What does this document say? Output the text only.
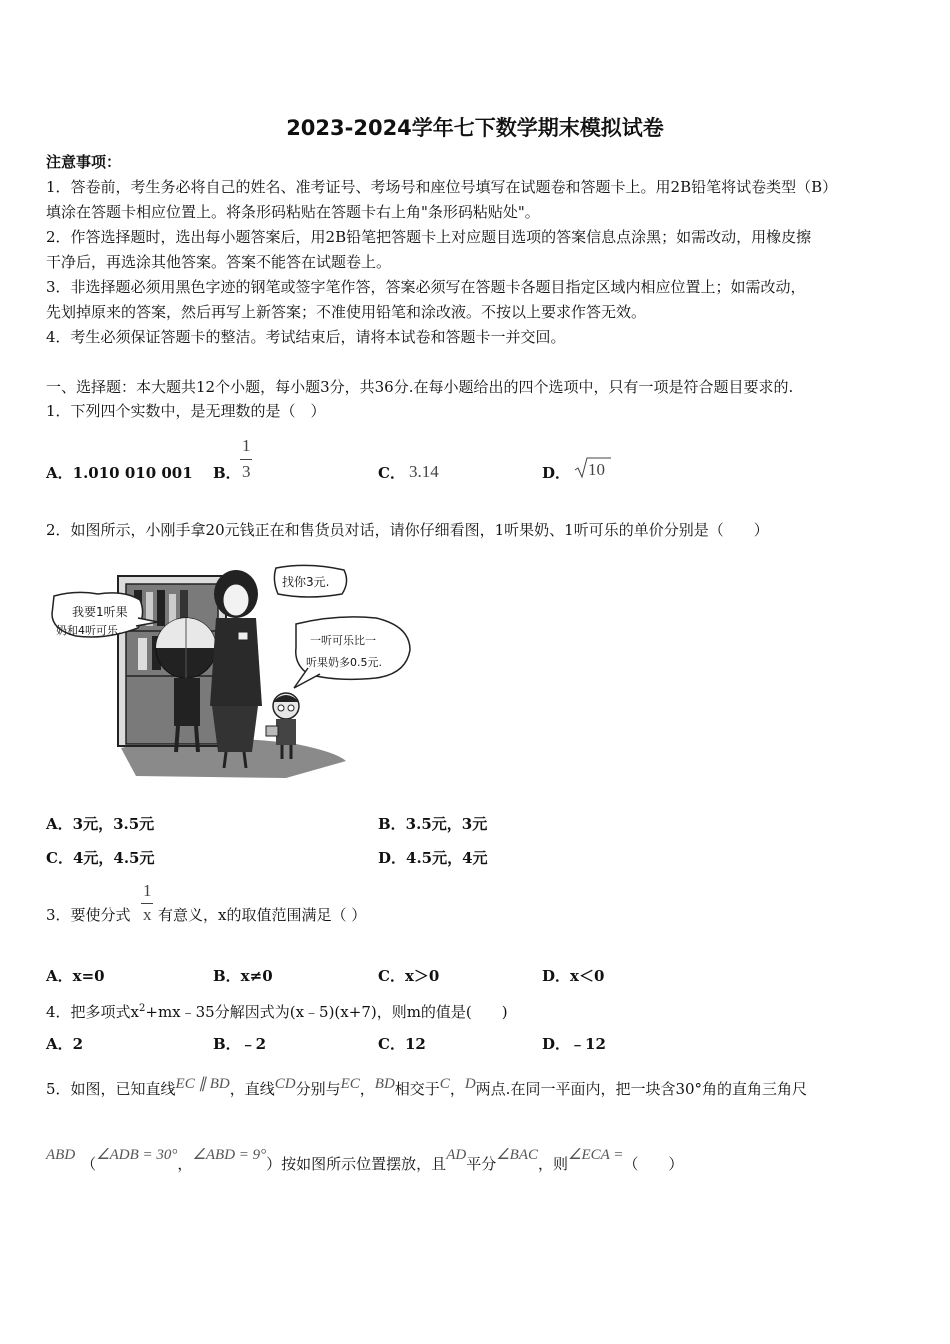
2023-2024学年七下数学期末模拟试卷
注意事项：
1．答卷前，考生务必将自己的姓名、准考证号、考场号和座位号填写在试题卷和答题卡上。用2B铅笔将试卷类型（B）
填涂在答题卡相应位置上。将条形码粘贴在答题卡右上角"条形码粘贴处"。
2．作答选择题时，选出每小题答案后，用2B铅笔把答题卡上对应题目选项的答案信息点涂黑；如需改动，用橡皮擦
干净后，再选涂其他答案。答案不能答在试题卷上。
3．非选择题必须用黑色字迹的钢笔或签字笔作答，答案必须写在答题卡各题目指定区域内相应位置上；如需改动，
先划掉原来的答案，然后再写上新答案；不准使用铅笔和涂改液。不按以上要求作答无效。
4．考生必须保证答题卡的整洁。考试结束后，请将本试卷和答题卡一并交回。
一、选择题：本大题共12个小题，每小题3分，共36分.在每小题给出的四个选项中，只有一项是符合题目要求的.
1．下列四个实数中，是无理数的是（　）
A．1.010 010 001 B．
1
3	C． 3.14	D． 10
2．如图所示，小刚手拿20元钱正在和售货员对话，请你仔细看图，1听果奶、1听可乐的单价分别是（　　）
我要1听果
奶和4听可乐.
找你3元.
一听可乐比一
听果奶多0.5元.
A．3元，3.5元	B．3.5元，3元
C．4元，4.5元	D．4.5元，4元
3．要使分式
1
x 有意义，x的取值范围满足（ ）
A．x=0	B．x≠0	C．x＞0	D．x＜0
4．把多项式$x^2+mx﹣35$分解因式为(x﹣5)(x+7)，则m的值是(　　)
A．2	B．﹣2	C．12	D．﹣12
5．如图，已知直线EC ∥ BD，直线CD分别与EC，BD相交于C，D两点.在同一平面内，把一块含30°角的直角三角尺
ABD （∠ADB = 30°，∠ABD = 9°）按如图所示位置摆放，且AD平分∠BAC，则∠ECA =（　　）
